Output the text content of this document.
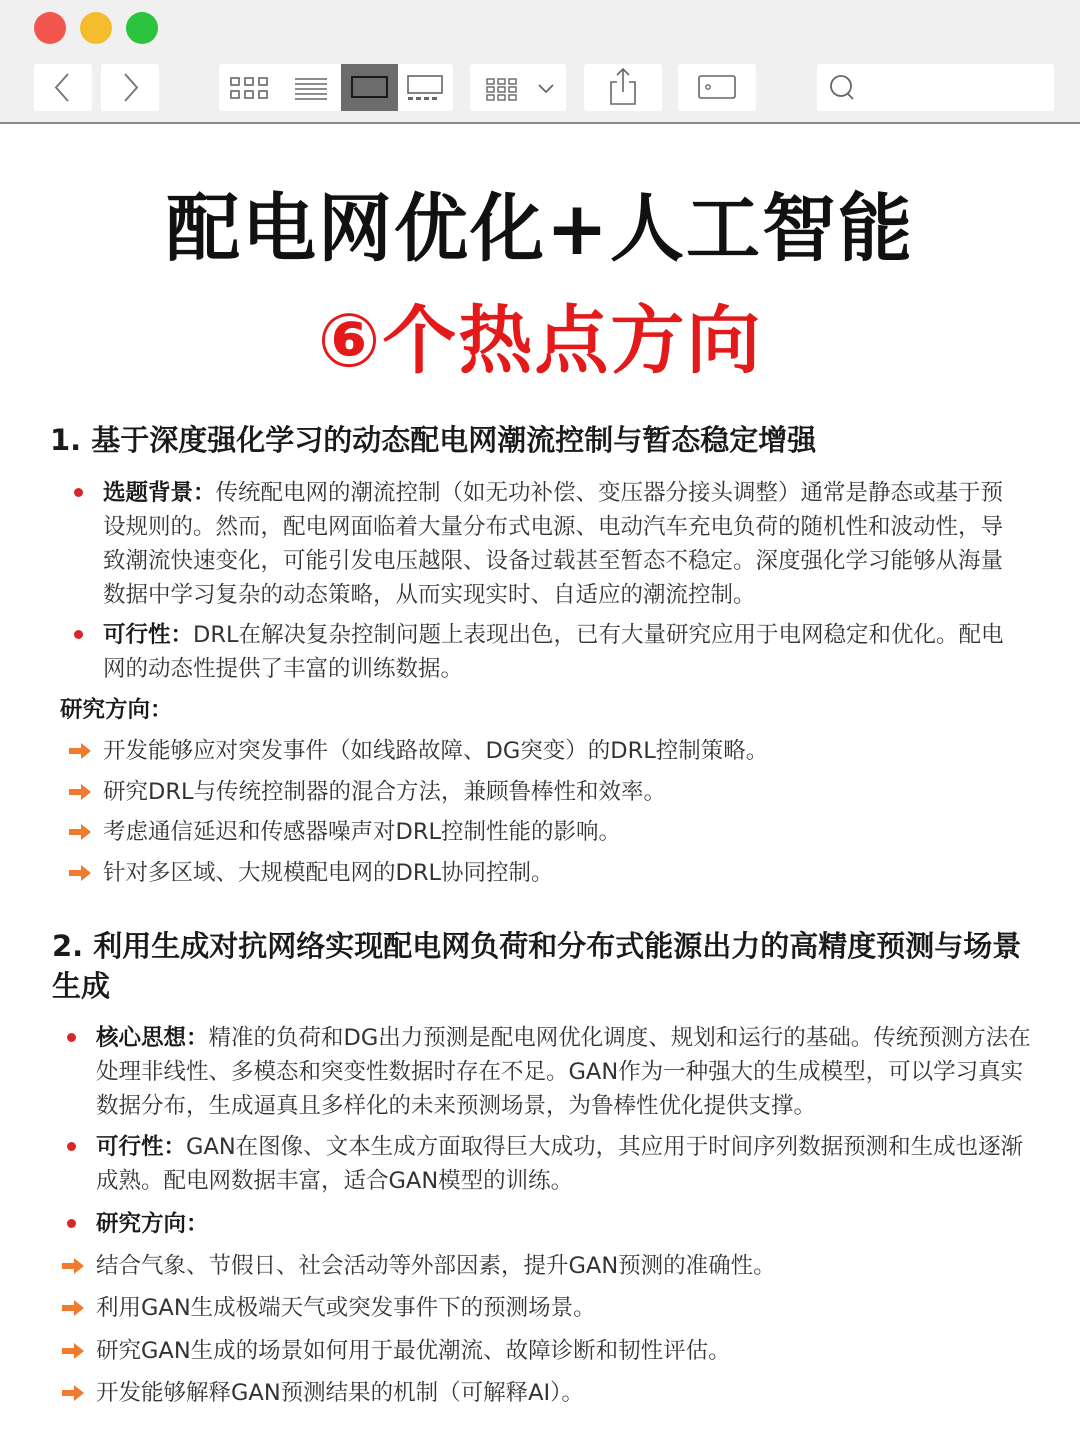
配电网优化+人工智能
⑥个热点方向
1. 基于深度强化学习的动态配电网潮流控制与暂态稳定增强
选题背景：传统配电网的潮流控制（如无功补偿、变压器分接头调整）通常是静态或基于预设规则的。然而，配电网面临着大量分布式电源、电动汽车充电负荷的随机性和波动性，导致潮流快速变化，可能引发电压越限、设备过载甚至暂态不稳定。深度强化学习能够从海量数据中学习复杂的动态策略，从而实现实时、自适应的潮流控制。
可行性：DRL在解决复杂控制问题上表现出色，已有大量研究应用于电网稳定和优化。配电网的动态性提供了丰富的训练数据。
研究方向：
开发能够应对突发事件（如线路故障、DG突变）的DRL控制策略。
研究DRL与传统控制器的混合方法，兼顾鲁棒性和效率。
考虑通信延迟和传感器噪声对DRL控制性能的影响。
针对多区域、大规模配电网的DRL协同控制。
2. 利用生成对抗网络实现配电网负荷和分布式能源出力的高精度预测与场景生成
核心思想：精准的负荷和DG出力预测是配电网优化调度、规划和运行的基础。传统预测方法在处理非线性、多模态和突变性数据时存在不足。GAN作为一种强大的生成模型，可以学习真实数据分布，生成逼真且多样化的未来预测场景，为鲁棒性优化提供支撑。
可行性：GAN在图像、文本生成方面取得巨大成功，其应用于时间序列数据预测和生成也逐渐成熟。配电网数据丰富，适合GAN模型的训练。
研究方向：
结合气象、节假日、社会活动等外部因素，提升GAN预测的准确性。
利用GAN生成极端天气或突发事件下的预测场景。
研究GAN生成的场景如何用于最优潮流、故障诊断和韧性评估。
开发能够解释GAN预测结果的机制（可解释AI）。
